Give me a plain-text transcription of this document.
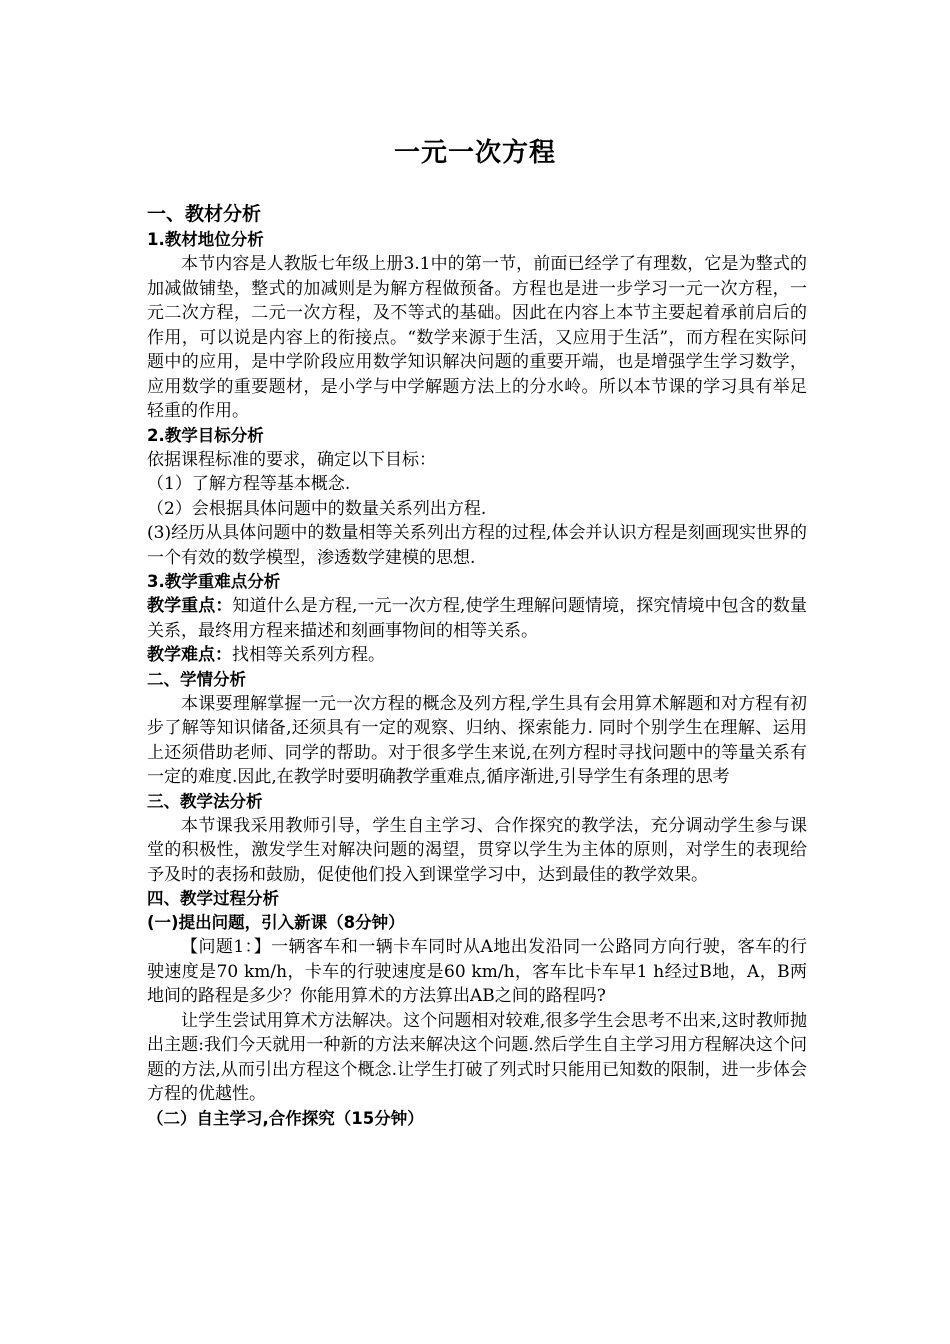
一元一次方程

一、教材分析

1.教材地位分析

本节内容是人教版七年级上册3.1中的第一节，前面已经学了有理数，它是为整式的加减做铺垫，整式的加减则是为解方程做预备。方程也是进一步学习一元一次方程，一元二次方程，二元一次方程，及不等式的基础。因此在内容上本节主要起着承前启后的作用，可以说是内容上的衔接点。“数学来源于生活，又应用于生活”，而方程在实际问题中的应用，是中学阶段应用数学知识解决问题的重要开端，也是增强学生学习数学，应用数学的重要题材，是小学与中学解题方法上的分水岭。所以本节课的学习具有举足轻重的作用。

2.教学目标分析

依据课程标准的要求，确定以下目标：

（1）了解方程等基本概念.

（2）会根据具体问题中的数量关系列出方程.

(3)经历从具体问题中的数量相等关系列出方程的过程,体会并认识方程是刻画现实世界的一个有效的数学模型，渗透数学建模的思想.

3.教学重难点分析

教学重点：知道什么是方程,一元一次方程,使学生理解问题情境，探究情境中包含的数量关系，最终用方程来描述和刻画事物间的相等关系。

教学难点：找相等关系列方程。

二、学情分析

本课要理解掌握一元一次方程的概念及列方程,学生具有会用算术解题和对方程有初步了解等知识储备,还须具有一定的观察、归纳、探索能力. 同时个别学生在理解、运用上还须借助老师、同学的帮助。对于很多学生来说,在列方程时寻找问题中的等量关系有一定的难度.因此,在教学时要明确教学重难点,循序渐进,引导学生有条理的思考

三、教学法分析

本节课我采用教师引导，学生自主学习、合作探究的教学法，充分调动学生参与课堂的积极性，激发学生对解决问题的渴望，贯穿以学生为主体的原则，对学生的表现给予及时的表扬和鼓励，促使他们投入到课堂学习中，达到最佳的教学效果。

四、教学过程分析

(一)提出问题，引入新课（8分钟）

【问题1：】一辆客车和一辆卡车同时从A地出发沿同一公路同方向行驶，客车的行驶速度是70 km/h，卡车的行驶速度是60 km/h，客车比卡车早1 h经过B地，A，B两地间的路程是多少？你能用算术的方法算出AB之间的路程吗?

让学生尝试用算术方法解决。这个问题相对较难,很多学生会思考不出来,这时教师抛出主题:我们今天就用一种新的方法来解决这个问题.然后学生自主学习用方程解决这个问题的方法,从而引出方程这个概念.让学生打破了列式时只能用已知数的限制，进一步体会方程的优越性。

（二）自主学习,合作探究（15分钟）
